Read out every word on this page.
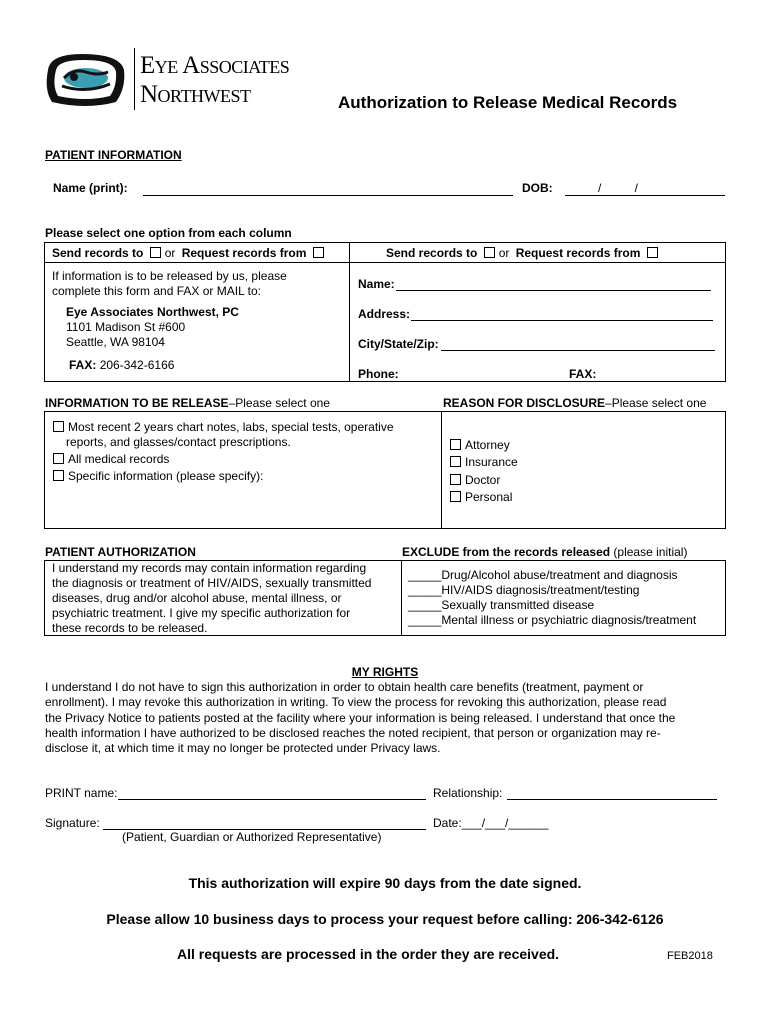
Eye Associates
Northwest	Authorization to Release Medical Records
PATIENT INFORMATION
Name (print):	DOB:	/          /
Please select one option from each column
Send records to or Request records from	Send records to or Request records from
If information is to be released by us, please
complete this form and FAX or MAIL to:
Eye Associates Northwest, PC
1101 Madison St #600
Seattle, WA 98104
FAX: 206-342-6166
Name:
Address:
City/State/Zip:
Phone:	FAX:
INFORMATION TO BE RELEASE–Please select one	REASON FOR DISCLOSURE–Please select one
Most recent 2 years chart notes, labs, special tests, operative
reports, and glasses/contact prescriptions.
All medical records
Specific information (please specify):
Attorney
Insurance
Doctor
Personal
PATIENT AUTHORIZATION	EXCLUDE from the records released (please initial)
I understand my records may contain information regarding
the diagnosis or treatment of HIV/AIDS, sexually transmitted
diseases, drug and/or alcohol abuse, mental illness, or
psychiatric treatment. I give my specific authorization for
these records to be released.
_____Drug/Alcohol abuse/treatment and diagnosis
_____HIV/AIDS diagnosis/treatment/testing
_____Sexually transmitted disease
_____Mental illness or psychiatric diagnosis/treatment
MY RIGHTS
I understand I do not have to sign this authorization in order to obtain health care benefits (treatment, payment or
enrollment). I may revoke this authorization in writing. To view the process for revoking this authorization, please read
the Privacy Notice to patients posted at the facility where your information is being released. I understand that once the
health information I have authorized to be disclosed reaches the noted recipient, that person or organization may re-
disclose it, at which time it may no longer be protected under Privacy laws.
PRINT name:	Relationship:
Signature:	Date:___/___/______
(Patient, Guardian or Authorized Representative)
This authorization will expire 90 days from the date signed.
Please allow 10 business days to process your request before calling: 206-342-6126
All requests are processed in the order they are received.	FEB2018
